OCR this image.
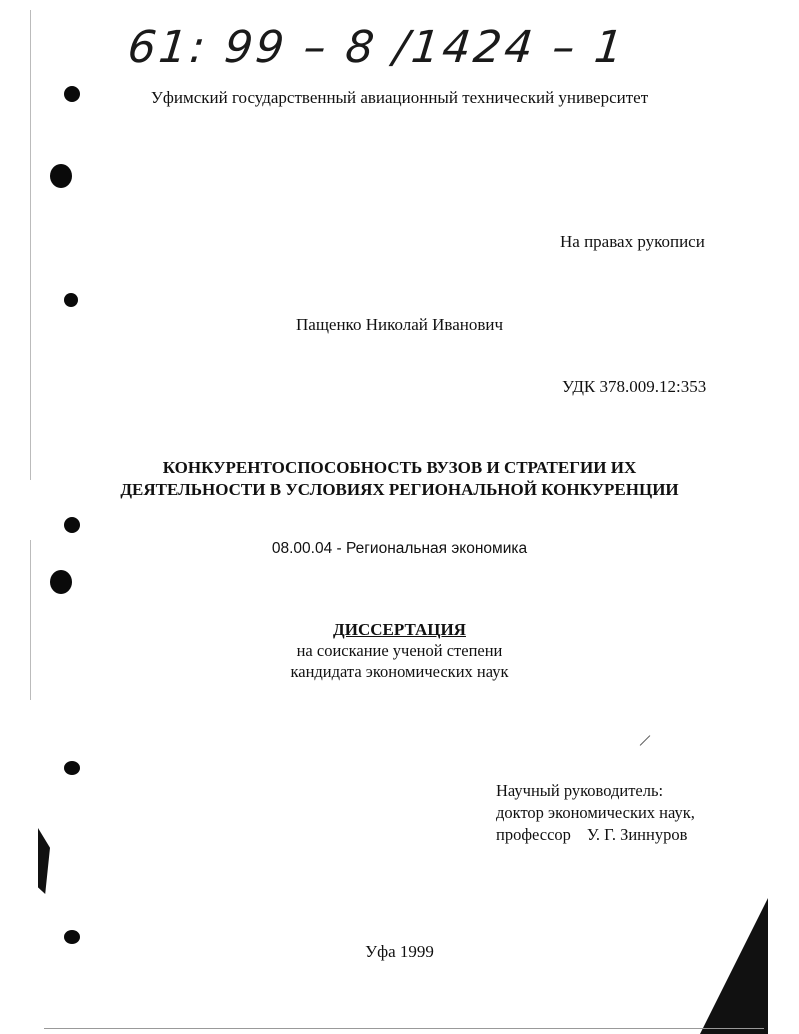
61: 99 – 8 /1424 – 1
Уфимский государственный авиационный технический университет
На правах рукописи
Пащенко Николай Иванович
УДК 378.009.12:353
КОНКУРЕНТОСПОСОБНОСТЬ ВУЗОВ И СТРАТЕГИИ ИХ
ДЕЯТЕЛЬНОСТИ В УСЛОВИЯХ РЕГИОНАЛЬНОЙ КОНКУРЕНЦИИ
08.00.04 - Региональная экономика
ДИССЕРТАЦИЯ
на соискание ученой степени
кандидата экономических наук
Научный руководитель:
доктор экономических наук,
профессор У. Г. Зиннуров
Уфа 1999
